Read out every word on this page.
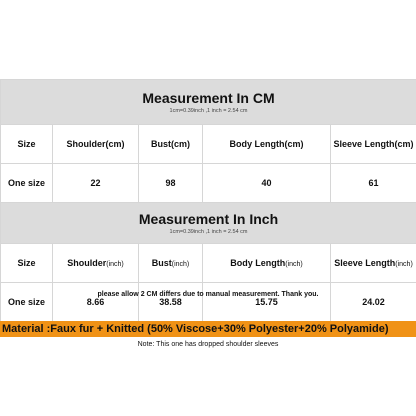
Measurement In CM
1cm=0.39inch ,1 inch = 2.54 cm				

Size	Shoulder(cm)	Bust(cm)	Body Length(cm)	Sleeve Length(cm)
One size	22	98	40	61

Measurement In Inch
1cm=0.39inch ,1 inch = 2.54 cm				

Size	Shoulder(inch)	Bust(inch)	Body Length(inch)	Sleeve Length(inch)
One size	8.66	38.58	15.75	24.02
please allow 2 CM differs due to manual measurement. Thank you.
Material :Faux fur + Knitted (50% Viscose+30% Polyester+20% Polyamide)
Note: This one has dropped shoulder sleeves
